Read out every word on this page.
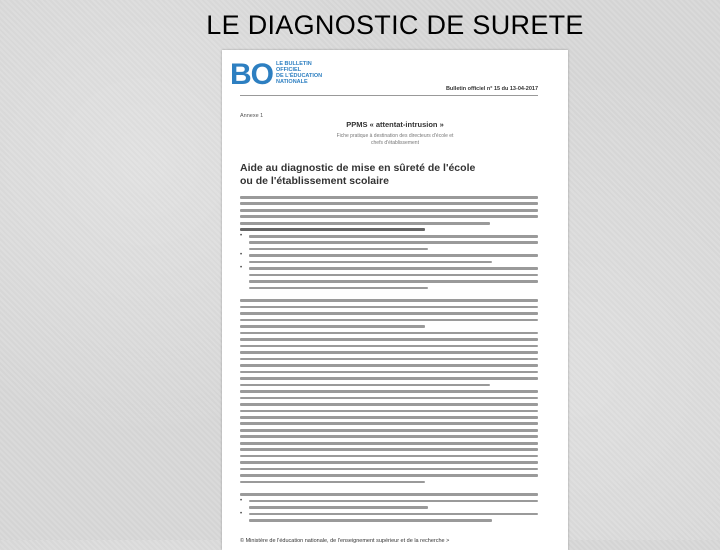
LE DIAGNOSTIC DE SURETE
BO LE BULLETIN
OFFICIEL
DE L'ÉDUCATION
NATIONALE
Bulletin officiel n° 15 du 13-04-2017
Annexe 1
PPMS « attentat-intrusion »
Fiche pratique à destination des directeurs d'école et
chefs d'établissement
Aide au diagnostic de mise en sûreté de l'école
ou de l'établissement scolaire
•
•
•
•
•
© Ministère de l'éducation nationale, de l'enseignement supérieur et de la recherche >
